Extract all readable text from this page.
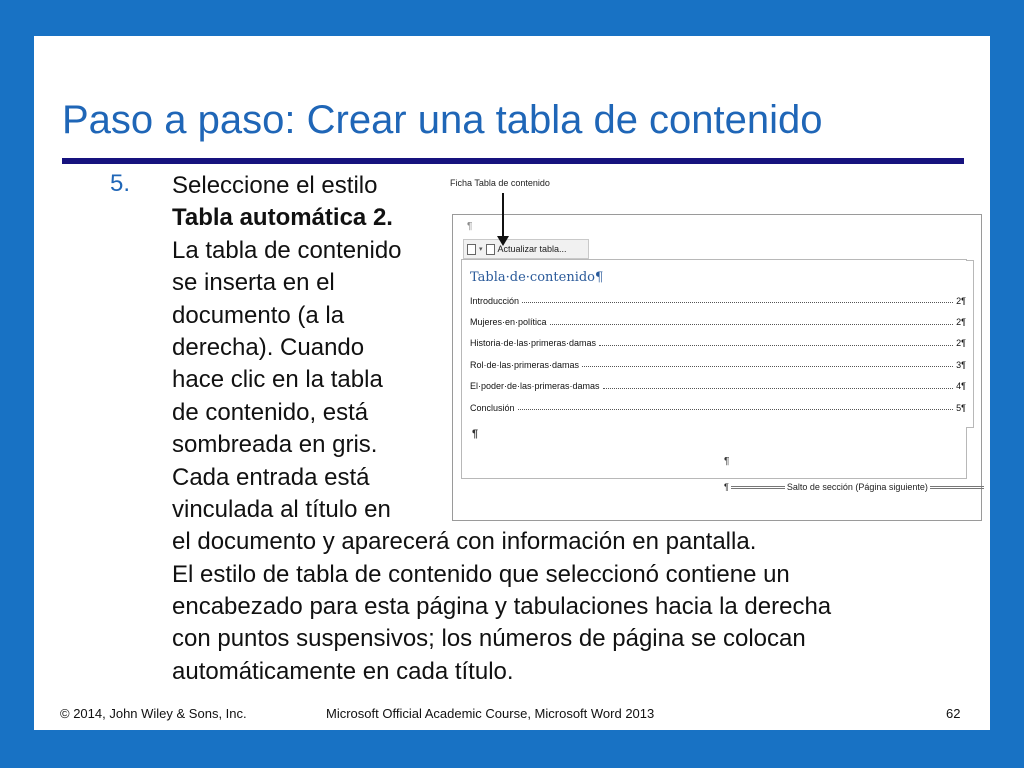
Paso a paso: Crear una tabla de contenido
5. Seleccione el estilo
Tabla automática 2.
La tabla de contenido
se inserta en el
documento (a la
derecha). Cuando
hace clic en la tabla
de contenido, está
sombreada en gris.
Cada entrada está
vinculada al título en
el documento y aparecerá con información en pantalla.
El estilo de tabla de contenido que seleccionó contiene un
encabezado para esta página y tabulaciones hacia la derecha
con puntos suspensivos; los números de página se colocan
automáticamente en cada título.
Ficha Tabla de contenido
¶
▾ Actualizar tabla...
Tabla·de·contenido¶
Introducción	2¶
Mujeres·en·política	2¶
Historia·de·las·primeras·damas	2¶
Rol·de·las·primeras·damas	3¶
El·poder·de·las·primeras·damas	4¶
Conclusión	5¶
¶
¶
¶	Salto de sección (Página siguiente)
© 2014, John Wiley & Sons, Inc.	Microsoft Official Academic Course, Microsoft Word 2013	62
